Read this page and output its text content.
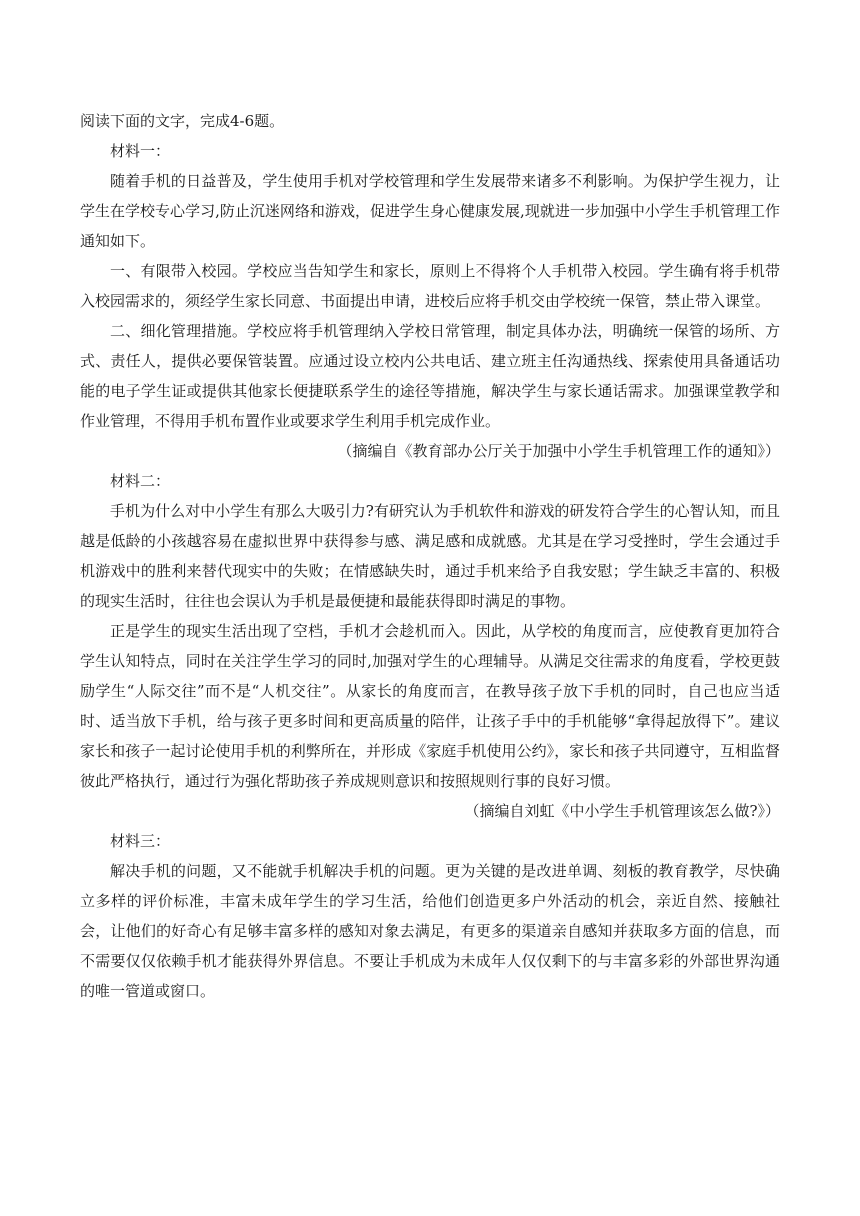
阅读下面的文字，完成4-6题。

材料一：

随着手机的日益普及，学生使用手机对学校管理和学生发展带来诸多不利影响。为保护学生视力，让学生在学校专心学习,防止沉迷网络和游戏，促进学生身心健康发展,现就进一步加强中小学生手机管理工作通知如下。

一、有限带入校园。学校应当告知学生和家长，原则上不得将个人手机带入校园。学生确有将手机带入校园需求的，须经学生家长同意、书面提出申请，进校后应将手机交由学校统一保管，禁止带入课堂。

二、细化管理措施。学校应将手机管理纳入学校日常管理，制定具体办法，明确统一保管的场所、方式、责任人，提供必要保管装置。应通过设立校内公共电话、建立班主任沟通热线、探索使用具备通话功能的电子学生证或提供其他家长便捷联系学生的途径等措施，解决学生与家长通话需求。加强课堂教学和作业管理，不得用手机布置作业或要求学生利用手机完成作业。

（摘编自《教育部办公厅关于加强中小学生手机管理工作的通知》）

材料二：

手机为什么对中小学生有那么大吸引力?有研究认为手机软件和游戏的研发符合学生的心智认知，而且越是低龄的小孩越容易在虚拟世界中获得参与感、满足感和成就感。尤其是在学习受挫时，学生会通过手机游戏中的胜利来替代现实中的失败；在情感缺失时，通过手机来给予自我安慰；学生缺乏丰富的、积极的现实生活时，往往也会误认为手机是最便捷和最能获得即时满足的事物。

正是学生的现实生活出现了空档，手机才会趁机而入。因此，从学校的角度而言，应使教育更加符合学生认知特点，同时在关注学生学习的同时,加强对学生的心理辅导。从满足交往需求的角度看，学校更鼓励学生“人际交往”而不是“人机交往”。从家长的角度而言，在教导孩子放下手机的同时，自己也应当适时、适当放下手机，给与孩子更多时间和更高质量的陪伴，让孩子手中的手机能够“拿得起放得下”。建议家长和孩子一起讨论使用手机的利弊所在，并形成《家庭手机使用公约》，家长和孩子共同遵守，互相监督彼此严格执行，通过行为强化帮助孩子养成规则意识和按照规则行事的良好习惯。

（摘编自刘虹《中小学生手机管理该怎么做?》）

材料三：

解决手机的问题，又不能就手机解决手机的问题。更为关键的是改进单调、刻板的教育教学，尽快确立多样的评价标准，丰富未成年学生的学习生活，给他们创造更多户外活动的机会，亲近自然、接触社会，让他们的好奇心有足够丰富多样的感知对象去满足，有更多的渠道亲自感知并获取多方面的信息，而不需要仅仅依赖手机才能获得外界信息。不要让手机成为未成年人仅仅剩下的与丰富多彩的外部世界沟通的唯一管道或窗口。
